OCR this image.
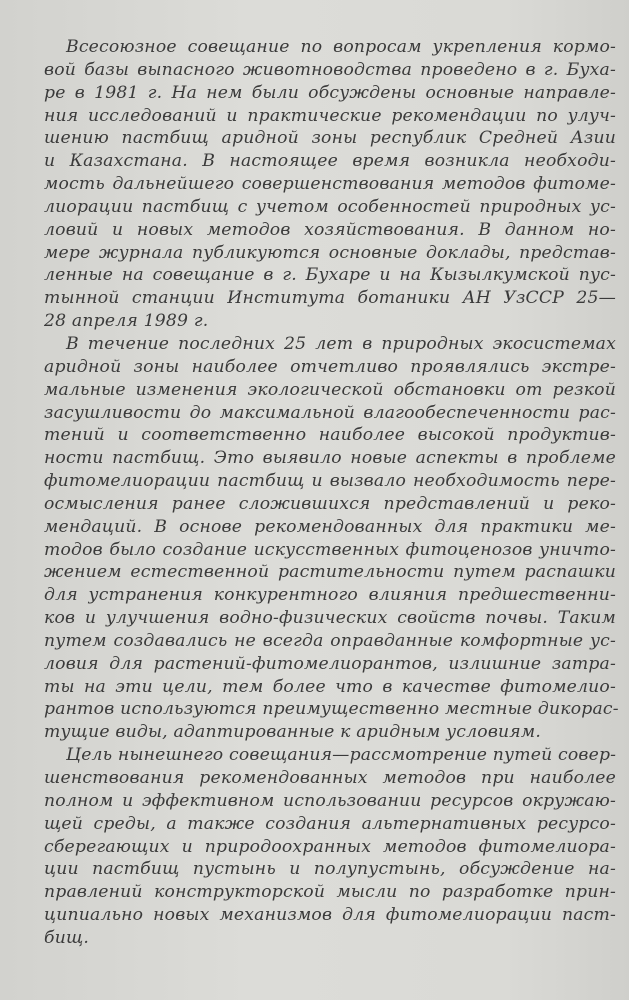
Всесоюзное совещание по вопросам укрепления кормо-
вой базы выпасного животноводства проведено в г. Буха-
ре в 1981 г. На нем были обсуждены основные направле-
ния исследований и практические рекомендации по улуч-
шению пастбищ аридной зоны республик Средней Азии
и Казахстана. В настоящее время возникла необходи-
мость дальнейшего совершенствования методов фитоме-
лиорации пастбищ с учетом особенностей природных ус-
ловий и новых методов хозяйствования. В данном но-
мере журнала публикуются основные доклады, представ-
ленные на совещание в г. Бухаре и на Кызылкумской пус-
тынной станции Института ботаники АН УзССР 25—
28 апреля 1989 г.
В течение последних 25 лет в природных экосистемах
аридной зоны наиболее отчетливо проявлялись экстре-
мальные изменения экологической обстановки от резкой
засушливости до максимальной влагообеспеченности рас-
тений и соответственно наиболее высокой продуктив-
ности пастбищ. Это выявило новые аспекты в проблеме
фитомелиорации пастбищ и вызвало необходимость пере-
осмысления ранее сложившихся представлений и реко-
мендаций. В основе рекомендованных для практики ме-
тодов было создание искусственных фитоценозов уничто-
жением естественной растительности путем распашки
для устранения конкурентного влияния предшественни-
ков и улучшения водно-физических свойств почвы. Таким
путем создавались не всегда оправданные комфортные ус-
ловия для растений-фитомелиорантов, излишние затра-
ты на эти цели, тем более что в качестве фитомелио-
рантов используются преимущественно местные дикорас-
тущие виды, адаптированные к аридным условиям.
Цель нынешнего совещания—рассмотрение путей совер-
шенствования рекомендованных методов при наиболее
полном и эффективном использовании ресурсов окружаю-
щей среды, а также создания альтернативных ресурсо-
сберегающих и природоохранных методов фитомелиора-
ции пастбищ пустынь и полупустынь, обсуждение на-
правлений конструкторской мысли по разработке прин-
ципиально новых механизмов для фитомелиорации паст-
бищ.
